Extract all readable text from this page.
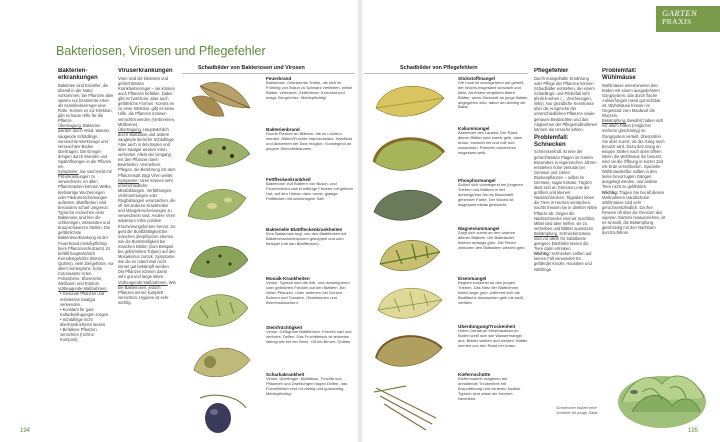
Bakteriosen, Virosen und Pflegefehler
Bakterien-erkrankungen

Bakterien sind Einzeller, die überall in der Natur vorkommen, bei Pflanzen aber spielen nur bestimmte Arten als Krankheitserreger eine Rolle. Kommt es zur Infektion, gibt es kaum Hilfe für die Pflanze.

Übertragung. Bakterien werden durch Wind, Wasser, saugende Schädlinge, verseuchte Werkzeuge und verseuchten Boden übertragen. Die Erreger dringen durch Wunden und Spaltöffnungen in die Pflanze ein.

Symptome. Sie sind leicht mit Pilzerkrankungen zu verwechseln: An allen Pflanzenteilen können Welke, krebsartige Wucherungen oder Fäulniserscheinungen auftreten. Blattflecken sind besonders scharf umgrenzt. Typische Anzeichen einer Bakteriose sind hier die schleimigen, nässenden und braunschwarzen Stellen. Die gefährlichste Bakterienerkrankung ist der Feuerbrand (meldepflichtig beim Pflanzenschutzamt). Er befällt hauptsächlich Kernobstgehölze (Birnen, Quitten), viele Ziergehölze, vor allem immergrüne, hohe Cotoneaster-Arten, Felsenbirne, Eberesche, Weißdorn und Rotdorn.

Vorbeugende Maßnahmen.

• Gesunde Pflanzen und resistentes Saatgut verwenden.
• Konstant für gute Kulturbedingungen sorgen.
• Schädlinge nicht überhandnehmen lassen.
• Befallene Pflanzen vernichten (nicht in Kompost).
Viruserkrankungen

Viren sind die kleinsten und gefürchtetsten Krankheitserreger – sie können auch Pflanzen befallen. Dabei gibt es harmlose, aber auch gefährliche Formen. Kommt es zu einer Infektion, gibt es keine Hilfe, die Pflanzen müssen vernichtet werden (Verbrennen, Mülltonne).

Übertragung. Hauptsächlich durch Blattläuse und andere saugende tierische Schädlinge. Aber auch in den Boden und über Saatgut werden Viren verbreitet. Allein der Umgang mit den Pflanzen beim Bearbeiten, Vermehren, Pflegen, die Berührung mit dem Pflanzensaft trägt Viren weiter.

Symptome. Viren können sehr unterschiedliche Missbildungen, Verfärbungen, Verkrümmungen oder Ringbildungen verursachen, die oft mit anderen Krankheiten und Mangelerscheinungen zu verwechseln sind. Andere Viren wiederum rufen positive Erscheinungsformen hervor. So geht die Buntblättrigkeit bei manchen Zierpflanzen ebenso wie die Buntstreifigkeit bei manchen Blüten (zum Beispiel bei gefiammten Tulpen) auf den Mosaikvirus zurück. Symptome wie die es manchmal nicht immer gut bekämpft werden. Die Pflanzen können damit sehr gut und lange leben.

Vorbeugende Maßnahmen. Wie bei Bakteriosen, jedoch Pflanzen immer komplett vernichten. Hygiene ist sehr wichtig.

Schadbilder von Bakteriosen und Virosen
Feuerbrand
Bakteriose. Gekrümmte Triebe, die sich im Frühling von Braun zu Schwarz verfärben, welke Blätter, verbrannt, Gefäßrinde; Kernobst und einige Ziergehölze. Meldepflichtig!
Bakterienbrand
Runde Flecken an Blättern, die zu Löchern werden. Blüten/Früchte braunschwarz. Harzfluss und Absterben der Äste möglich. Vorwiegend an jungem Steinobstbäumen.
Fettfleckenkrankheit
Bakteriose. Auf Blättern von Busch- und Feuerbohnen zuerst wäßrige Flecken mit gelbem Hof, auf den Hülsen dann runde, glasige Fettflecken mit schleimigem Saft.
Bakterielle Blattfleckenkrankheiten
Eine Bakteriose tegt, von den Blattflecken mit Bakterienschleimspuren gekoppelt und zum Beispiel (mit den Blattflecken).
Mosaik-Krankheiten
Virose. Typisch sind die hell- und dunkelgrünen oder gelblichen Flecken auf den Blättern. Bei vielen Pflanzen, unter anderem bei Gurken, Bohnen und Tomaten, Obstbäumen und Beerensträuchern.
Steinfrüchtigkeit
Virose. Gelbgrüne Blattflecken. Früchte hart und verformt. Dellen. Das Fruchtfleisch ist teilweise steinig wie bei der Birne. Oft bei Birnen, Quitten.
Scharkakrankheit
Virose. Übertrager: Blattläuse. Früchte von Pflaumen und Zwetschgen tragen Dellen, das Fruchtfleisch wird rot-narbig und gummartig. Meldepflichtig!
194
GARTEN
PRAXIS
Schadbilder von Pflegefehlern
Stickstoffmangel
Die Laub ist durchgehend auf gehellt, der Wuchs insgesamt schwach und klein. Alt-erstes verglühen ältere Blätter, wenn Stickstoff an junge Blätter abgegeben wird, daher am Anfang die Basis.
Kaliummangel
Absterben des Laubes. Der Rand älterer Blätter wird zuerst gelb, dann braun, trocknet ein und rollt sich zusammen. Pflanzen erscheinen insgesamt welk.
Phosphormangel
Äußert sich vorwiegend bei jüngeren Trieben und Blättern in tief dunkelgrüner bis ins Blauviolett gehender Farbe. Der Wuchs ist insgesamt etwas gestaucht.
Magnesiummangel
Zeigt sich zuerst an den unteren älteren Blättern. Die Blattränder bleiben anfangs grün. Die Felder zwischen den Blattadern werden gelb.
Eisenmangel
Beginnt zunächst an den jungen Trieben. Das Netz der Blattnerven bleibt lange grün, während sich die Blattfläche dazwischen gelb bis weiß verfärbt.
Überdüngung/Trockenheit
Hoher Gehalt an Mineralsalzen im Boden wirkt sich wie Wassermangel aus: Blätter welken und werden. Blätter werden von den Rand her braun.
Kiefernschütte
Kiefernnadeln reagieren auf anhaltende Trockenheit mit Braunfärbung und verlieren Nadeln. Typisch sind dabei die frischen Neutriebe.
Pflegefehler

Durch mangelhafte Ernährung oder Pflege der Pflanzen können Schadbilder entstehen, die einem Schädlings- und Pilzbefall sehr ähnlich sehen (→ Zeichnungen, links). Nur gründliche Kenntnisse über die Ansprüche der unterschiedlichen Pflanzen sowie genaues Beobachten und das Abgleichen der Pflegemaßnahmen können die Ursache klären.

Problemfall: Schnecken

Schneckenfraß ist eine der gefürchtetsten Plagen im Garten. Besonders in regenreichen Jahren entstehen hohe Verluste bei Gemüse und zarten Blumenpflanzen – selbst im Gemüse, sogar Kräuter. Täglich lässt sich an Gemüse Linie die größten und kleinen Nacktschnecken. Tagsüber leben die Tiere in Hecken verstecken, nachts fressen sie in direkter Nähe Pflanze ab. Gegen die Nacktschnecke sind wir machtlos, Mittel sind aber helfen, sie zu vertreiben und Blätter ausnützen.

Bekämpfung. Schneckenzäune sind vor allem für Salatbeete geeignet. Bierfallen lassen die Tiere darin ertrinken.

Wichtig: Schnecken sollten auf keinen Fall verwendet! Es gefährdet Kinder, Haustiere und Nützlinge.

Schnecken haben eine Vorliebe für junge Salat
Problemfall: Wühlmäuse

Wühlmäuse unterminieren den Boden mit einem ausgedehnten Gangsystem, das durch flache Aufwerfungen meist gut sichtbar ist. Wühlmäuse fressen im Gegensatz zum Maulwurf die Wurzeln.

Bekämpfung. Bewährt haben sich vor allem Fallen (möglichst mehrere gleichzeitig) im Gangsystem verteilt. Überprüfen Sie aber zuerst, ob der Gang noch benutzt wird. Dazu den Gang an einigen Stellen nach oben öffnen. Wenn die Wühlmaus ihn benutzt, wird sie die Öffnung in kurzer Zeit mit Erde verschließen. Spezielle Wühlmauskörbe sollten in den tiefen bevorzugten Gängen ausgelegt werden, und andere Tiere nicht zu gefährden.

Wichtig: Tragen Sie bei all diesen Maßnahmen Handschuhe. Wühlmäuse sind sehr geruchsempfindlich. Da ihre Reviere oft über die Grenzen des eigenen Gartens hinausreichen, ist es sinnvoll, die Bekämpfung gleichzeitig mit den Nachbarn durchzuführen.

195
